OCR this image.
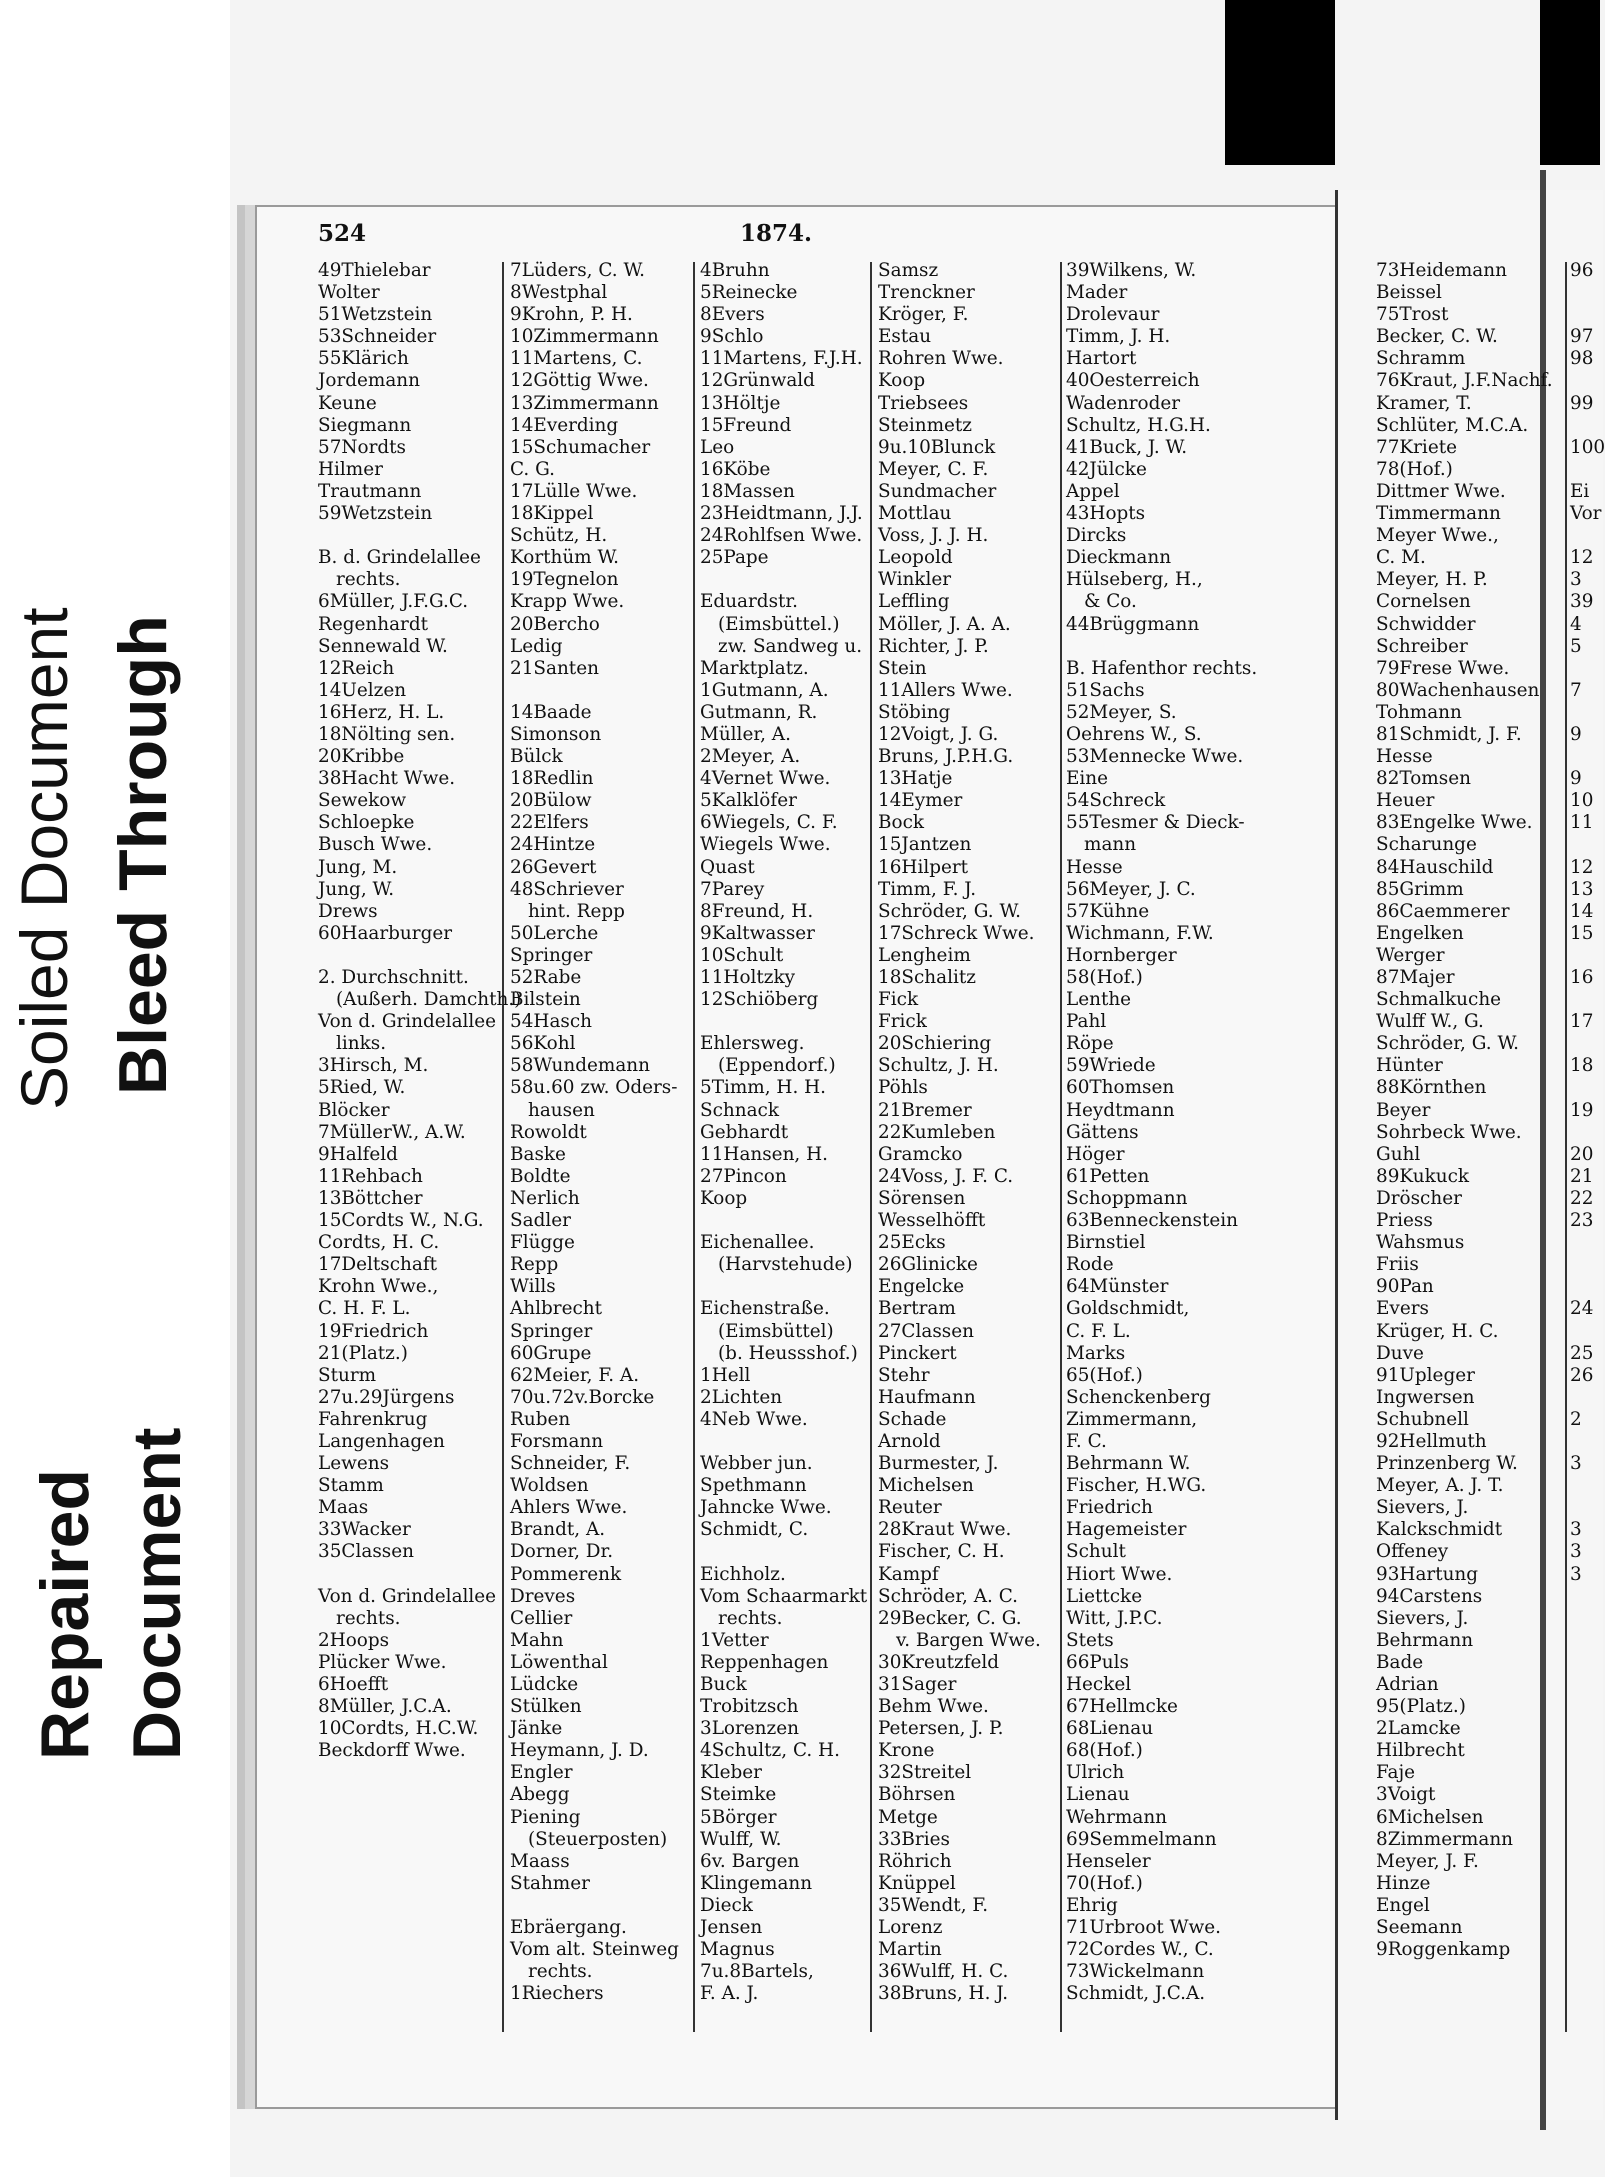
Soiled Document Bleed Through
Repaired Document
524	1874.
49Thielebar
Wolter
51Wetzstein
53Schneider
55Klärich
Jordemann
Keune
Siegmann
57Nordts
Hilmer
Trautmann
59Wetzstein
B. d. Grindelallee
rechts.
6Müller, J.F.G.C.
Regenhardt
Sennewald W.
12Reich
14Uelzen
16Herz, H. L.
18Nölting sen.
20Kribbe
38Hacht Wwe.
Sewekow
Schloepke
Busch Wwe.
Jung, M.
Jung, W.
Drews
60Haarburger
2. Durchschnitt.
(Außerh. Damchth.)
Von d. Grindelallee
links.
3Hirsch, M.
5Ried, W.
Blöcker
7MüllerW., A.W.
9Halfeld
11Rehbach
13Böttcher
15Cordts W., N.G.
Cordts, H. C.
17Deltschaft
Krohn Wwe.,
C. H. F. L.
19Friedrich
21(Platz.)
Sturm
27u.29Jürgens
Fahrenkrug
Langenhagen
Lewens
Stamm
Maas
33Wacker
35Classen
Von d. Grindelallee
rechts.
2Hoops
Plücker Wwe.
6Hoefft
8Müller, J.C.A.
10Cordts, H.C.W.
Beckdorff Wwe.
7Lüders, C. W.
8Westphal
9Krohn, P. H.
10Zimmermann
11Martens, C.
12Göttig Wwe.
13Zimmermann
14Everding
15Schumacher
C. G.
17Lülle Wwe.
18Kippel
Schütz, H.
Korthüm W.
19Tegnelon
Krapp Wwe.
20Bercho
Ledig
21Santen
14Baade
Simonson
Bülck
18Redlin
20Bülow
22Elfers
24Hintze
26Gevert
48Schriever
hint. Repp
50Lerche
Springer
52Rabe
Bilstein
54Hasch
56Kohl
58Wundemann
58u.60 zw. Oders-
hausen
Rowoldt
Baske
Boldte
Nerlich
Sadler
Flügge
Repp
Wills
Ahlbrecht
Springer
60Grupe
62Meier, F. A.
70u.72v.Borcke
Ruben
Forsmann
Schneider, F.
Woldsen
Ahlers Wwe.
Brandt, A.
Dorner, Dr.
Pommerenk
Dreves
Cellier
Mahn
Löwenthal
Lüdcke
Stülken
Jänke
Heymann, J. D.
Engler
Abegg
Piening
(Steuerposten)
Maass
Stahmer
Ebräergang.
Vom alt. Steinweg
rechts.
1Riechers
4Bruhn
5Reinecke
8Evers
9Schlo
11Martens, F.J.H.
12Grünwald
13Höltje
15Freund
Leo
16Köbe
18Massen
23Heidtmann, J.J.
24Rohlfsen Wwe.
25Pape
Eduardstr.
(Eimsbüttel.)
zw. Sandweg u.
Marktplatz.
1Gutmann, A.
Gutmann, R.
Müller, A.
2Meyer, A.
4Vernet Wwe.
5Kalklöfer
6Wiegels, C. F.
Wiegels Wwe.
Quast
7Parey
8Freund, H.
9Kaltwasser
10Schult
11Holtzky
12Schiöberg
Ehlersweg.
(Eppendorf.)
5Timm, H. H.
Schnack
Gebhardt
11Hansen, H.
27Pincon
Koop
Eichenallee.
(Harvstehude)
Eichenstraße.
(Eimsbüttel)
(b. Heussshof.)
1Hell
2Lichten
4Neb Wwe.
Webber jun.
Spethmann
Jahncke Wwe.
Schmidt, C.
Eichholz.
Vom Schaarmarkt
rechts.
1Vetter
Reppenhagen
Buck
Trobitzsch
3Lorenzen
4Schultz, C. H.
Kleber
Steimke
5Börger
Wulff, W.
6v. Bargen
Klingemann
Dieck
Jensen
Magnus
7u.8Bartels,
F. A. J.
Samsz
Trenckner
Kröger, F.
Estau
Rohren Wwe.
Koop
Triebsees
Steinmetz
9u.10Blunck
Meyer, C. F.
Sundmacher
Mottlau
Voss, J. J. H.
Leopold
Winkler
Leffling
Möller, J. A. A.
Richter, J. P.
Stein
11Allers Wwe.
Stöbing
12Voigt, J. G.
Bruns, J.P.H.G.
13Hatje
14Eymer
Bock
15Jantzen
16Hilpert
Timm, F. J.
Schröder, G. W.
17Schreck Wwe.
Lengheim
18Schalitz
Fick
Frick
20Schiering
Schultz, J. H.
Pöhls
21Bremer
22Kumleben
Gramcko
24Voss, J. F. C.
Sörensen
Wesselhöfft
25Ecks
26Glinicke
Engelcke
Bertram
27Classen
Pinckert
Stehr
Haufmann
Schade
Arnold
Burmester, J.
Michelsen
Reuter
28Kraut Wwe.
Fischer, C. H.
Kampf
Schröder, A. C.
29Becker, C. G.
v. Bargen Wwe.
30Kreutzfeld
31Sager
Behm Wwe.
Petersen, J. P.
Krone
32Streitel
Böhrsen
Metge
33Bries
Röhrich
Knüppel
35Wendt, F.
Lorenz
Martin
36Wulff, H. C.
38Bruns, H. J.
39Wilkens, W.
Mader
Drolevaur
Timm, J. H.
Hartort
40Oesterreich
Wadenroder
Schultz, H.G.H.
41Buck, J. W.
42Jülcke
Appel
43Hopts
Dircks
Dieckmann
Hülseberg, H.,
& Co.
44Brüggmann
B. Hafenthor rechts.
51Sachs
52Meyer, S.
Oehrens W., S.
53Mennecke Wwe.
Eine
54Schreck
55Tesmer & Dieck-
mann
Hesse
56Meyer, J. C.
57Kühne
Wichmann, F.W.
Hornberger
58(Hof.)
Lenthe
Pahl
Röpe
59Wriede
60Thomsen
Heydtmann
Gättens
Höger
61Petten
Schoppmann
63Benneckenstein
Birnstiel
Rode
64Münster
Goldschmidt,
C. F. L.
Marks
65(Hof.)
Schenckenberg
Zimmermann,
F. C.
Behrmann W.
Fischer, H.WG.
Friedrich
Hagemeister
Schult
Hiort Wwe.
Liettcke
Witt, J.P.C.
Stets
66Puls
Heckel
67Hellmcke
68Lienau
68(Hof.)
Ulrich
Lienau
Wehrmann
69Semmelmann
Henseler
70(Hof.)
Ehrig
71Urbroot Wwe.
72Cordes W., C.
73Wickelmann
Schmidt, J.C.A.
73Heidemann
Beissel
75Trost
Becker, C. W.
Schramm
76Kraut, J.F.Nachf.
Kramer, T.
Schlüter, M.C.A.
77Kriete
78(Hof.)
Dittmer Wwe.
Timmermann
Meyer Wwe.,
C. M.
Meyer, H. P.
Cornelsen
Schwidder
Schreiber
79Frese Wwe.
80Wachenhausen
Tohmann
81Schmidt, J. F.
Hesse
82Tomsen
Heuer
83Engelke Wwe.
Scharunge
84Hauschild
85Grimm
86Caemmerer
Engelken
Werger
87Majer
Schmalkuche
Wulff W., G.
Schröder, G. W.
Hünter
88Körnthen
Beyer
Sohrbeck Wwe.
Guhl
89Kukuck
Dröscher
Priess
Wahsmus
Friis
90Pan
Evers
Krüger, H. C.
Duve
91Upleger
Ingwersen
Schubnell
92Hellmuth
Prinzenberg W.
Meyer, A. J. T.
Sievers, J.
Kalckschmidt
Offeney
93Hartung
94Carstens
Sievers, J.
Behrmann
Bade
Adrian
95(Platz.)
2Lamcke
Hilbrecht
Faje
3Voigt
6Michelsen
8Zimmermann
Meyer, J. F.
Hinze
Engel
Seemann
9Roggenkamp
96
97
98
99
100
Ei
Vor
12
3
39
4
5
7
9
9
10
11
12
13
14
15
16
17
18
19
20
21
22
23
24
25
26
2
3
3
3
3
